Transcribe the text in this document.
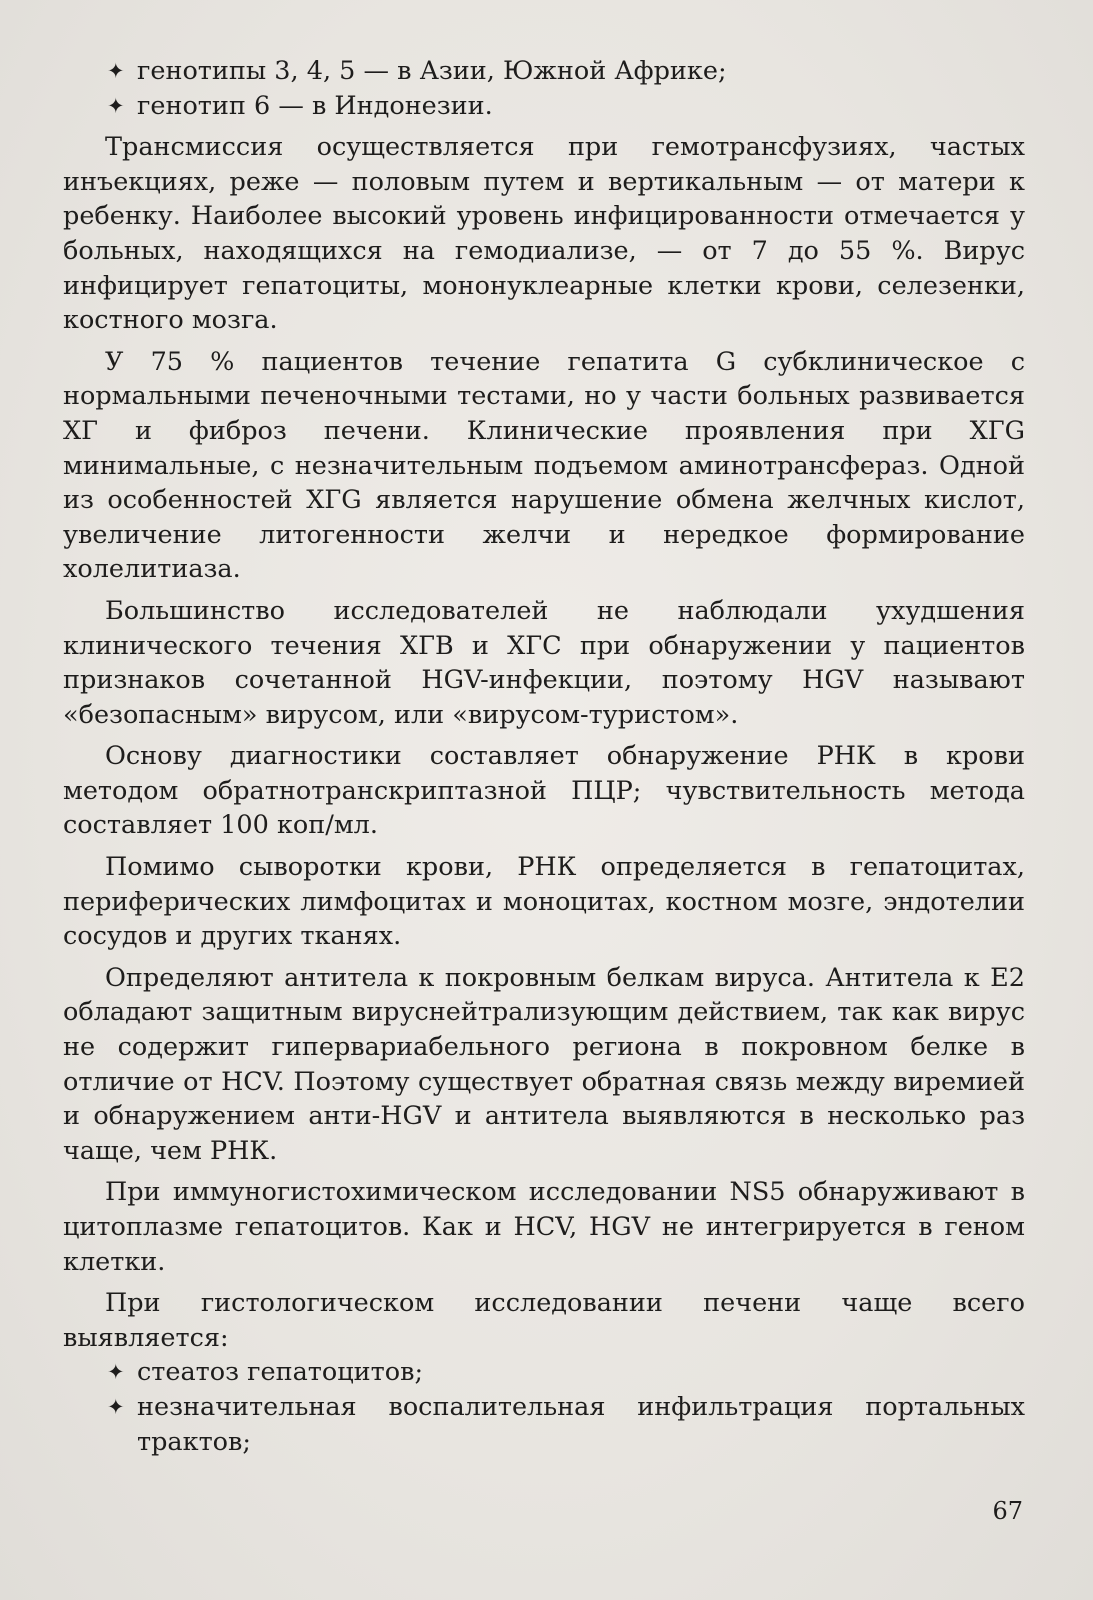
✦ генотипы 3, 4, 5 — в Азии, Южной Африке;
✦ генотип 6 — в Индонезии.

Трансмиссия осуществляется при гемотрансфузиях, частых инъекциях, реже — половым путем и вертикальным — от матери к ребенку. Наиболее высокий уровень инфицированности отмечается у больных, находящихся на гемодиализе, — от 7 до 55 %. Вирус инфицирует гепатоциты, мононуклеарные клетки крови, селезенки, костного мозга.

У 75 % пациентов течение гепатита G субклиническое с нормальными печеночными тестами, но у части больных развивается ХГ и фиброз печени. Клинические проявления при ХГG минимальные, с незначительным подъемом аминотрансфераз. Одной из особенностей ХГG является нарушение обмена желчных кислот, увеличение литогенности желчи и нередкое формирование холелитиаза.

Большинство исследователей не наблюдали ухудшения клинического течения ХГВ и ХГС при обнаружении у пациентов признаков сочетанной HGV-инфекции, поэтому HGV называют «безопасным» вирусом, или «вирусом-туристом».

Основу диагностики составляет обнаружение РНК в крови методом обратнотранскриптазной ПЦР; чувствительность метода составляет 100 коп/мл.

Помимо сыворотки крови, РНК определяется в гепатоцитах, периферических лимфоцитах и моноцитах, костном мозге, эндотелии сосудов и других тканях.

Определяют антитела к покровным белкам вируса. Антитела к Е2 обладают защитным вируснейтрализующим действием, так как вирус не содержит гипервариабельного региона в покровном белке в отличие от HCV. Поэтому существует обратная связь между виремией и обнаружением анти-HGV и антитела выявляются в несколько раз чаще, чем РНК.

При иммуногистохимическом исследовании NS5 обнаруживают в цитоплазме гепатоцитов. Как и HCV, HGV не интегрируется в геном клетки.

При гистологическом исследовании печени чаще всего выявляется:

✦ стеатоз гепатоцитов;
✦ незначительная воспалительная инфильтрация портальных трактов;
67
